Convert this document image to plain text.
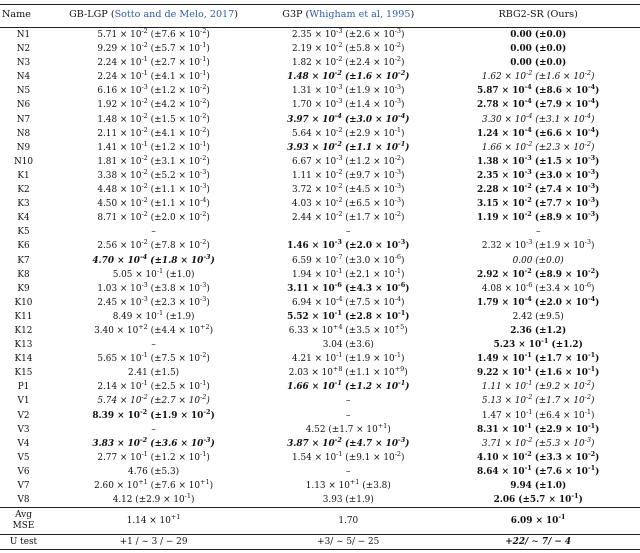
Name	GB-LGP (Sotto and de Melo, 2017)	G3P (Whigham et al, 1995)	RBG2-SR (Ours)
N1	$5.71 \times 10^{-2}$ $(\pm 7.6 \times 10^{-2})$	$2.35 \times 10^{-3}$ $(\pm 2.6 \times 10^{-3})$	0.00 (±0.0)
N2	$9.29 \times 10^{-2}$ $(\pm 5.7 \times 10^{-1})$	$2.19 \times 10^{-2}$ $(\pm 5.8 \times 10^{-2})$	0.00 (±0.0)
N3	$2.24 \times 10^{-1}$ $(\pm 2.7 \times 10^{-1})$	$1.82 \times 10^{-2}$ $(\pm 2.4 \times 10^{-2})$	0.00 (±0.0)
N4	$2.24 \times 10^{-1}$ $(\pm 4.1 \times 10^{-1})$	$1.48 \times 10^{-2}$ $(\pm 1.6 \times 10^{-2})$	$1.62 \times 10^{-2}$ $(\pm 1.6 \times 10^{-2})$
N5	$6.16 \times 10^{-3}$ $(\pm 1.2 \times 10^{-2})$	$1.31 \times 10^{-3}$ $(\pm 1.9 \times 10^{-3})$	$5.87 \times 10^{-4}$ $(\pm 8.6 \times 10^{-4})$
N6	$1.92 \times 10^{-2}$ $(\pm 4.2 \times 10^{-2})$	$1.70 \times 10^{-3}$ $(\pm 1.4 \times 10^{-3})$	$2.78 \times 10^{-4}$ $(\pm 7.9 \times 10^{-4})$
N7	$1.48 \times 10^{-2}$ $(\pm 1.5 \times 10^{-2})$	$3.97 \times 10^{-4}$ $(\pm 3.0 \times 10^{-4})$	$3.30 \times 10^{-4}$ $(\pm 3.1 \times 10^{-4})$
N8	$2.11 \times 10^{-2}$ $(\pm 4.1 \times 10^{-2})$	$5.64 \times 10^{-2}$ $(\pm 2.9 \times 10^{-1})$	$1.24 \times 10^{-4}$ $(\pm 6.6 \times 10^{-4})$
N9	$1.41 \times 10^{-1}$ $(\pm 1.2 \times 10^{-1})$	$3.93 \times 10^{-2}$ $(\pm 1.1 \times 10^{-1})$	$1.66 \times 10^{-2}$ $(\pm 2.3 \times 10^{-2})$
N10	$1.81 \times 10^{-2}$ $(\pm 3.1 \times 10^{-2})$	$6.67 \times 10^{-3}$ $(\pm 1.2 \times 10^{-2})$	$1.38 \times 10^{-3}$ $(\pm 1.5 \times 10^{-3})$
K1	$3.38 \times 10^{-2}$ $(\pm 5.2 \times 10^{-3})$	$1.11 \times 10^{-2}$ $(\pm 9.7 \times 10^{-3})$	$2.35 \times 10^{-3}$ $(\pm 3.0 \times 10^{-3})$
K2	$4.48 \times 10^{-2}$ $(\pm 1.1 \times 10^{-3})$	$3.72 \times 10^{-2}$ $(\pm 4.5 \times 10^{-3})$	$2.28 \times 10^{-2}$ $(\pm 7.4 \times 10^{-3})$
K3	$4.50 \times 10^{-2}$ $(\pm 1.1 \times 10^{-4})$	$4.03 \times 10^{-2}$ $(\pm 6.5 \times 10^{-3})$	$3.15 \times 10^{-2}$ $(\pm 7.7 \times 10^{-3})$
K4	$8.71 \times 10^{-2}$ $(\pm 2.0 \times 10^{-2})$	$2.44 \times 10^{-2}$ $(\pm 1.7 \times 10^{-2})$	$1.19 \times 10^{-2}$ $(\pm 8.9 \times 10^{-3})$
K5	–	–	–
K6	$2.56 \times 10^{-2}$ $(\pm 7.8 \times 10^{-2})$	$1.46 \times 10^{-3}$ $(\pm 2.0 \times 10^{-3})$	$2.32 \times 10^{-3}$ $(\pm 1.9 \times 10^{-3})$
K7	$4.70 \times 10^{-4}$ $(\pm 1.8 \times 10^{-3})$	$6.59 \times 10^{-7}$ $(\pm 3.0 \times 10^{-6})$	0.00 (±0.0)
K8	$5.05 \times 10^{-1}$ (±1.0)	$1.94 \times 10^{-1}$ $(\pm 2.1 \times 10^{-1})$	$2.92 \times 10^{-2}$ $(\pm 8.9 \times 10^{-2})$
K9	$1.03 \times 10^{-3}$ $(\pm 3.8 \times 10^{-3})$	$3.11 \times 10^{-6}$ $(\pm 4.3 \times 10^{-6})$	$4.08 \times 10^{-6}$ $(\pm 3.4 \times 10^{-6})$
K10	$2.45 \times 10^{-3}$ $(\pm 2.3 \times 10^{-3})$	$6.94 \times 10^{-4}$ $(\pm 7.5 \times 10^{-4})$	$1.79 \times 10^{-4}$ $(\pm 2.0 \times 10^{-4})$
K11	$8.49 \times 10^{-1}$ (±1.9)	$5.52 \times 10^{-1}$ $(\pm 2.8 \times 10^{-1})$	2.42 (±9.5)
K12	$3.40 \times 10^{+2}$ $(\pm 4.4 \times 10^{+2})$	$6.33 \times 10^{+4}$ $(\pm 3.5 \times 10^{+5})$	2.36 (±1.2)
K13	–	3.04 (±3.6)	$5.23 \times 10^{-1}$ (±1.2)
K14	$5.65 \times 10^{-1}$ $(\pm 7.5 \times 10^{-2})$	$4.21 \times 10^{-1}$ $(\pm 1.9 \times 10^{-1})$	$1.49 \times 10^{-1}$ $(\pm 1.7 \times 10^{-1})$
K15	2.41 (±1.5)	$2.03 \times 10^{+8}$ $(\pm 1.1 \times 10^{+9})$	$9.22 \times 10^{-1}$ $(\pm 1.6 \times 10^{-1})$
P1	$2.14 \times 10^{-1}$ $(\pm 2.5 \times 10^{-1})$	$1.66 \times 10^{-1}$ $(\pm 1.2 \times 10^{-1})$	$1.11 \times 10^{-1}$ $(\pm 9.2 \times 10^{-2})$
V1	$5.74 \times 10^{-2}$ $(\pm 2.7 \times 10^{-2})$	–	$5.13 \times 10^{-2}$ $(\pm 1.7 \times 10^{-2})$
V2	$8.39 \times 10^{-2}$ $(\pm 1.9 \times 10^{-2})$	–	$1.47 \times 10^{-1}$ $(\pm 6.4 \times 10^{-1})$
V3	–	4.52 $(\pm 1.7 \times 10^{+1})$	$8.31 \times 10^{-1}$ $(\pm 2.9 \times 10^{-1})$
V4	$3.83 \times 10^{-2}$ $(\pm 3.6 \times 10^{-3})$	$3.87 \times 10^{-2}$ $(\pm 4.7 \times 10^{-3})$	$3.71 \times 10^{-2}$ $(\pm 5.3 \times 10^{-3})$
V5	$2.77 \times 10^{-1}$ $(\pm 1.2 \times 10^{-1})$	$1.54 \times 10^{-1}$ $(\pm 9.1 \times 10^{-2})$	$4.10 \times 10^{-2}$ $(\pm 3.3 \times 10^{-2})$
V6	4.76 (±5.3)	–	$8.64 \times 10^{-1}$ $(\pm 7.6 \times 10^{-1})$
V7	$2.60 \times 10^{+1}$ $(\pm 7.6 \times 10^{+1})$	$1.13 \times 10^{+1}$ (±3.8)	9.94 (±1.0)
V8	4.12 $(\pm 2.9 \times 10^{-1})$	3.93 (±1.9)	2.06 $(\pm 5.7 \times 10^{-1})$
Avg
MSE	$1.14 \times 10^{+1}$	1.70	$6.09 \times 10^{-1}$
U test	+1 / ∼ 3 / − 29	+3/ ∼ 5/ − 25	+22/ ∼ 7/ − 4
